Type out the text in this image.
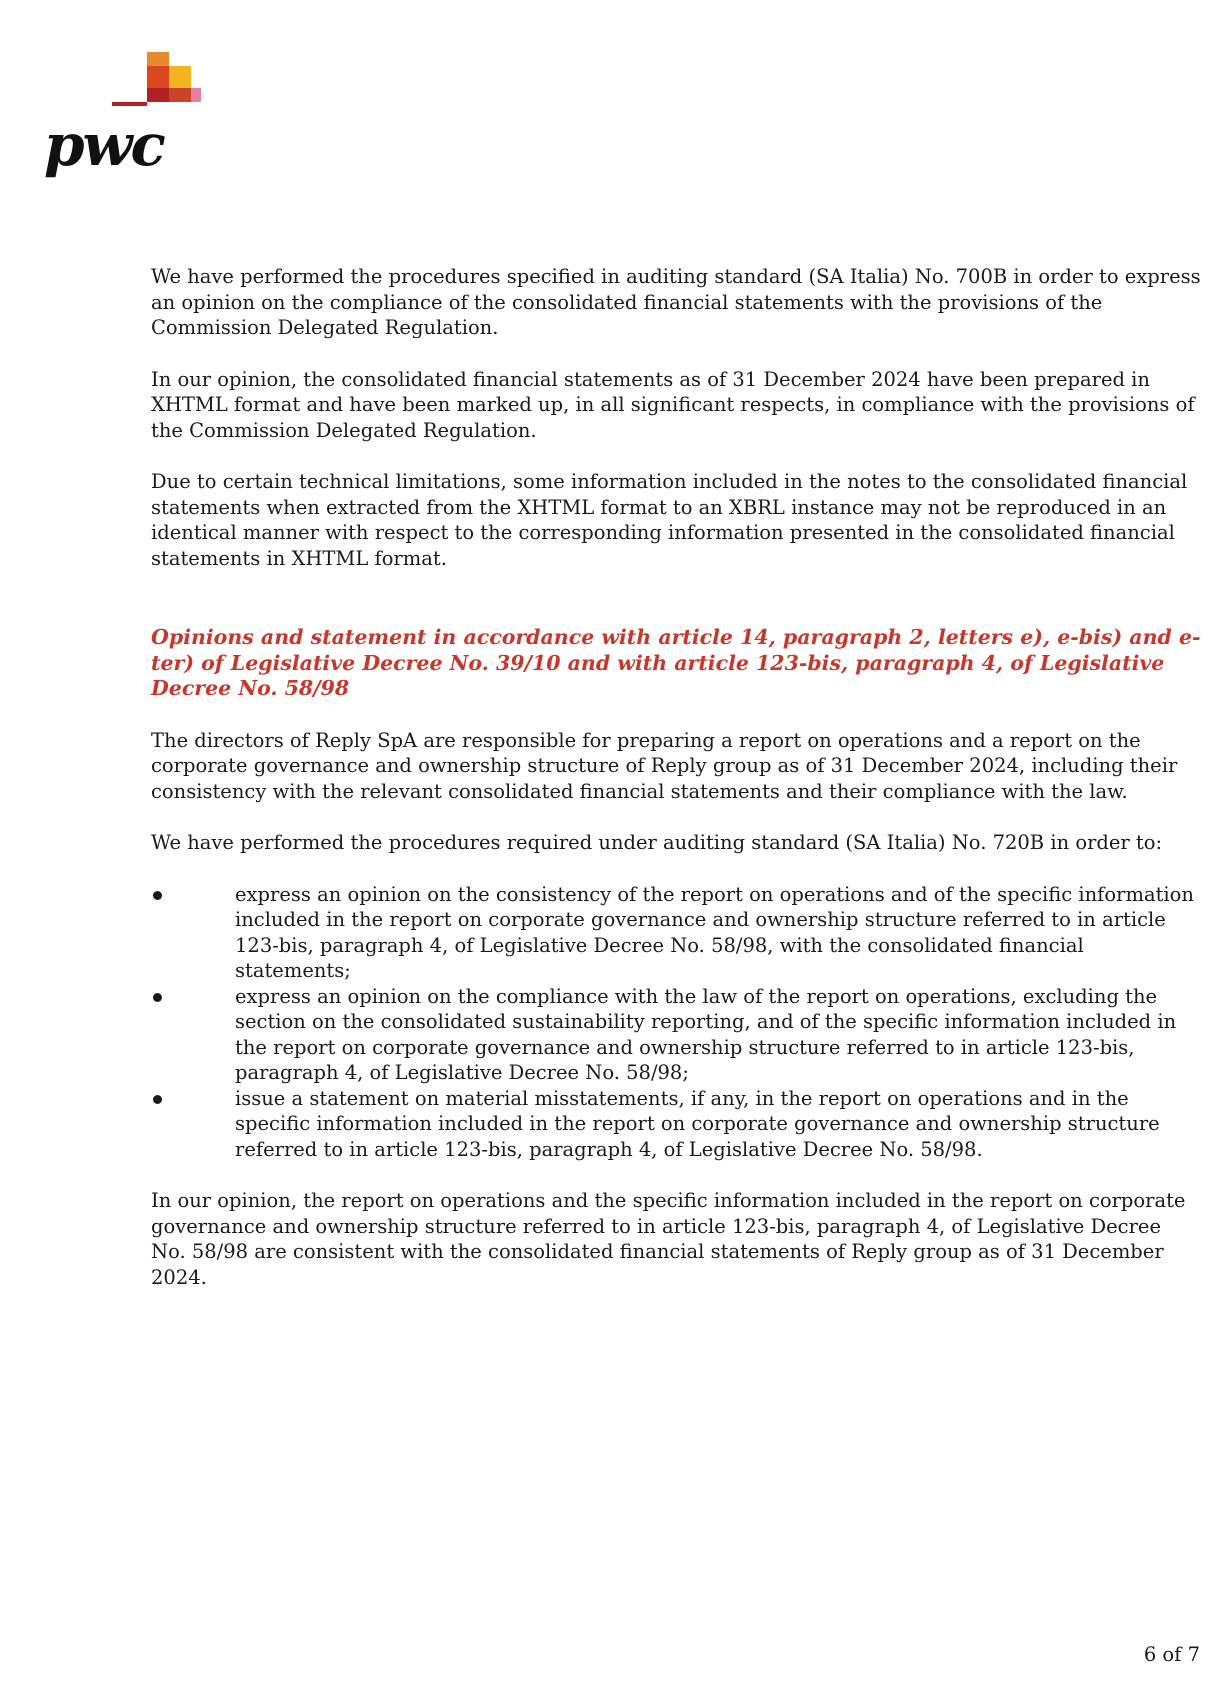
pwc

We have performed the procedures specified in auditing standard (SA Italia) No. 700B in order to express an opinion on the compliance of the consolidated financial statements with the provisions of the Commission Delegated Regulation.

In our opinion, the consolidated financial statements as of 31 December 2024 have been prepared in XHTML format and have been marked up, in all significant respects, in compliance with the provisions of the Commission Delegated Regulation.

Due to certain technical limitations, some information included in the notes to the consolidated financial statements when extracted from the XHTML format to an XBRL instance may not be reproduced in an identical manner with respect to the corresponding information presented in the consolidated financial statements in XHTML format.

Opinions and statement in accordance with article 14, paragraph 2, letters e), e-bis) and e-ter) of Legislative Decree No. 39/10 and with article 123-bis, paragraph 4, of Legislative Decree No. 58/98

The directors of Reply SpA are responsible for preparing a report on operations and a report on the corporate governance and ownership structure of Reply group as of 31 December 2024, including their consistency with the relevant consolidated financial statements and their compliance with the law.

We have performed the procedures required under auditing standard (SA Italia) No. 720B in order to:

express an opinion on the consistency of the report on operations and of the specific information included in the report on corporate governance and ownership structure referred to in article 123-bis, paragraph 4, of Legislative Decree No. 58/98, with the consolidated financial statements;
express an opinion on the compliance with the law of the report on operations, excluding the section on the consolidated sustainability reporting, and of the specific information included in the report on corporate governance and ownership structure referred to in article 123-bis, paragraph 4, of Legislative Decree No. 58/98;
issue a statement on material misstatements, if any, in the report on operations and in the specific information included in the report on corporate governance and ownership structure referred to in article 123-bis, paragraph 4, of Legislative Decree No. 58/98.

In our opinion, the report on operations and the specific information included in the report on corporate governance and ownership structure referred to in article 123-bis, paragraph 4, of Legislative Decree No. 58/98 are consistent with the consolidated financial statements of Reply group as of 31 December 2024.

6 of 7
